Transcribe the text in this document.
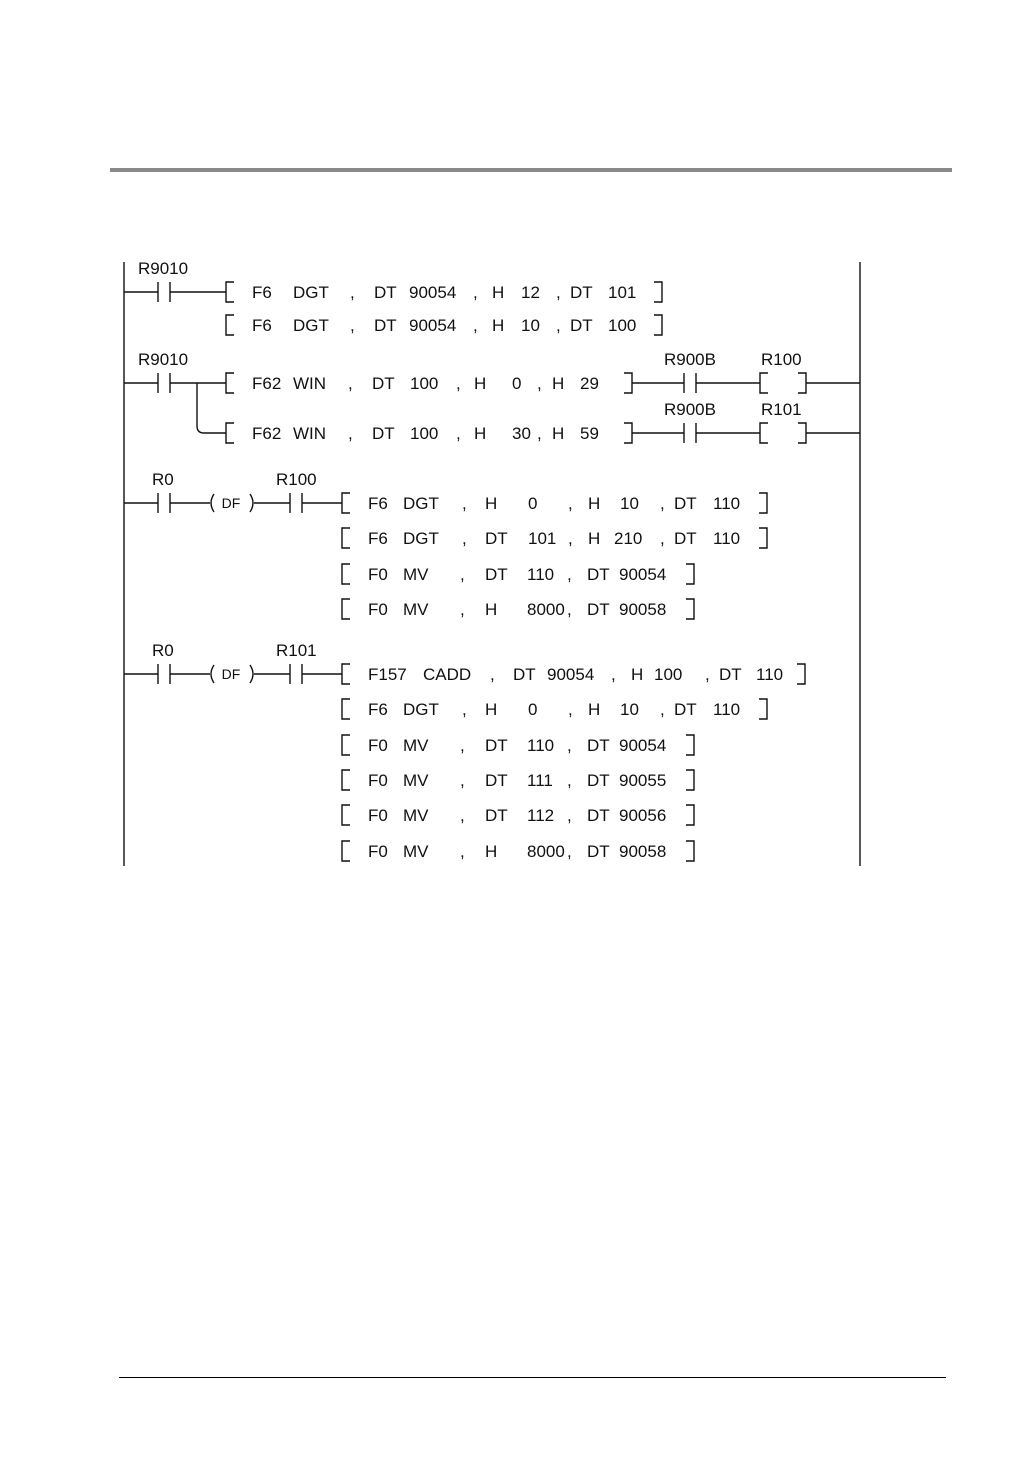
R9010
F6 DGT , DT 90054 , H 12 , DT 101
F6 DGT , DT 90054 , H 10 , DT 100
R9010
F62 WIN , DT 100 , H 0 , H 29
R900B	R100
F62 WIN , DT 100 , H 30 , H 59
R900B	R101
R0
DF
R100
F6 DGT , H 0 , H 10 , DT 110
F6 DGT , DT 101 , H 210 , DT 110
F0 MV , DT 110 , DT 90054
F0 MV , H 8000 , DT 90058
R0
DF
R101
F157 CADD , DT 90054 , H 100 , DT 110
F6 DGT , H 0 , H 10 , DT 110
F0 MV , DT 110 , DT 90054
F0 MV , DT 111 , DT 90055
F0 MV , DT 112 , DT 90056
F0 MV , H 8000 , DT 90058
